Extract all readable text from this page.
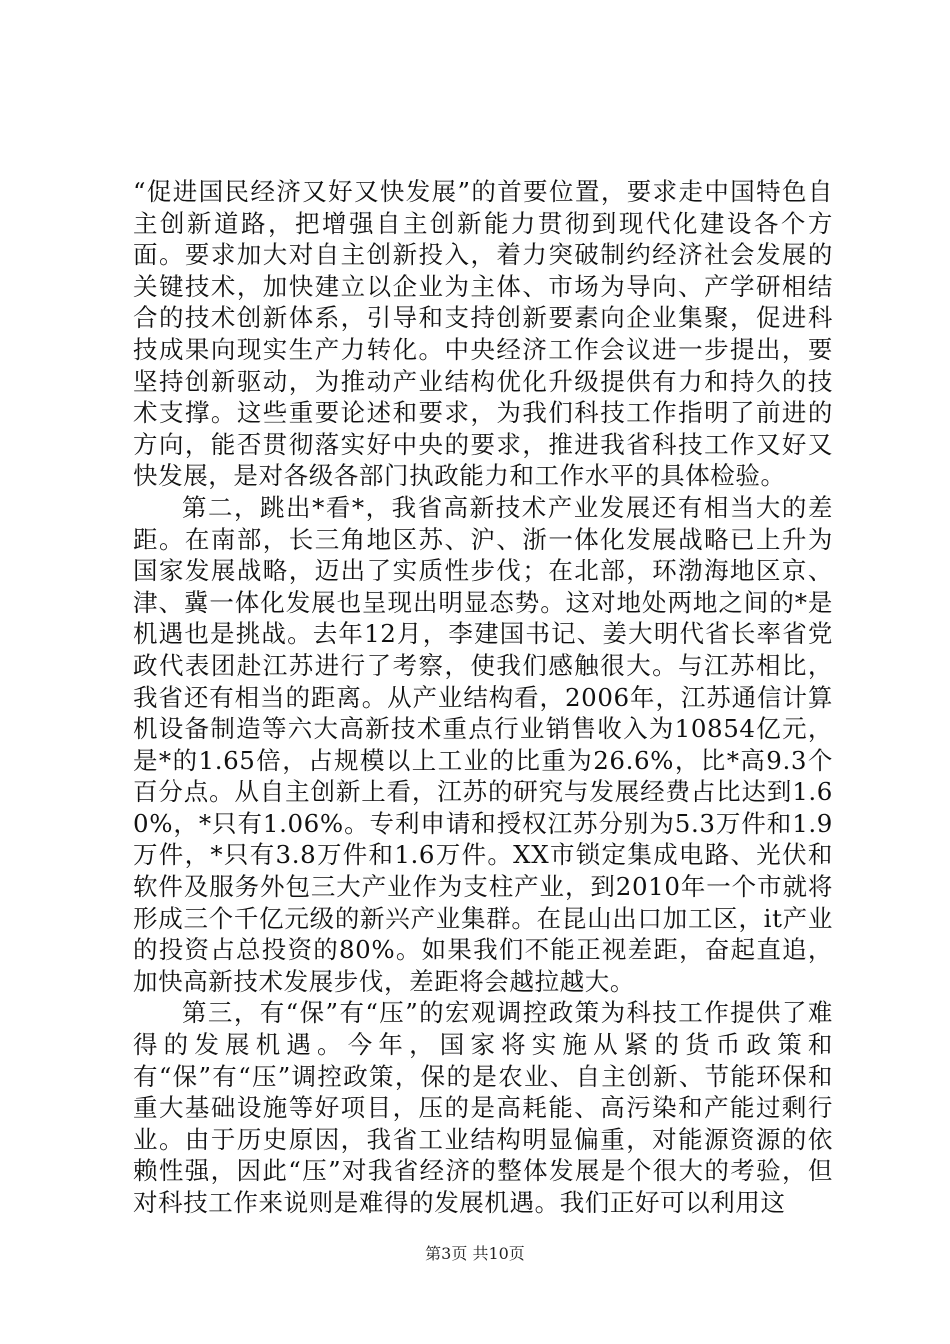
“促进国民经济又好又快发展”的首要位置，要求走中国特色自主创新道路，把增强自主创新能力贯彻到现代化建设各个方面。要求加大对自主创新投入，着力突破制约经济社会发展的关键技术，加快建立以企业为主体、市场为导向、产学研相结合的技术创新体系，引导和支持创新要素向企业集聚，促进科技成果向现实生产力转化。中央经济工作会议进一步提出，要坚持创新驱动，为推动产业结构优化升级提供有力和持久的技术支撑。这些重要论述和要求，为我们科技工作指明了前进的方向，能否贯彻落实好中央的要求，推进我省科技工作又好又快发展，是对各级各部门执政能力和工作水平的具体检验。

第二，跳出*看*，我省高新技术产业发展还有相当大的差距。在南部，长三角地区苏、沪、浙一体化发展战略已上升为国家发展战略，迈出了实质性步伐；在北部，环渤海地区京、津、冀一体化发展也呈现出明显态势。这对地处两地之间的*是机遇也是挑战。去年12月，李建国书记、姜大明代省长率省党政代表团赴江苏进行了考察，使我们感触很大。与江苏相比，我省还有相当的距离。从产业结构看，2006年，江苏通信计算机设备制造等六大高新技术重点行业销售收入为10854亿元，是*的1.65倍，占规模以上工业的比重为26.6%，比*高9.3个百分点。从自主创新上看，江苏的研究与发展经费占比达到1.60%，*只有1.06%。专利申请和授权江苏分别为5.3万件和1.9万件，*只有3.8万件和1.6万件。XX市锁定集成电路、光伏和软件及服务外包三大产业作为支柱产业，到2010年一个市就将形成三个千亿元级的新兴产业集群。在昆山出口加工区，it产业的投资占总投资的80%。如果我们不能正视差距，奋起直追，加快高新技术发展步伐，差距将会越拉越大。

第三，有“保”有“压”的宏观调控政策为科技工作提供了难得的发展机遇。今年，国家将实施从紧的货币政策和有“保”有“压”调控政策，保的是农业、自主创新、节能环保和重大基础设施等好项目，压的是高耗能、高污染和产能过剩行业。由于历史原因，我省工业结构明显偏重，对能源资源的依赖性强，因此“压”对我省经济的整体发展是个很大的考验，但对科技工作来说则是难得的发展机遇。我们正好可以利用这

第3页 共10页
